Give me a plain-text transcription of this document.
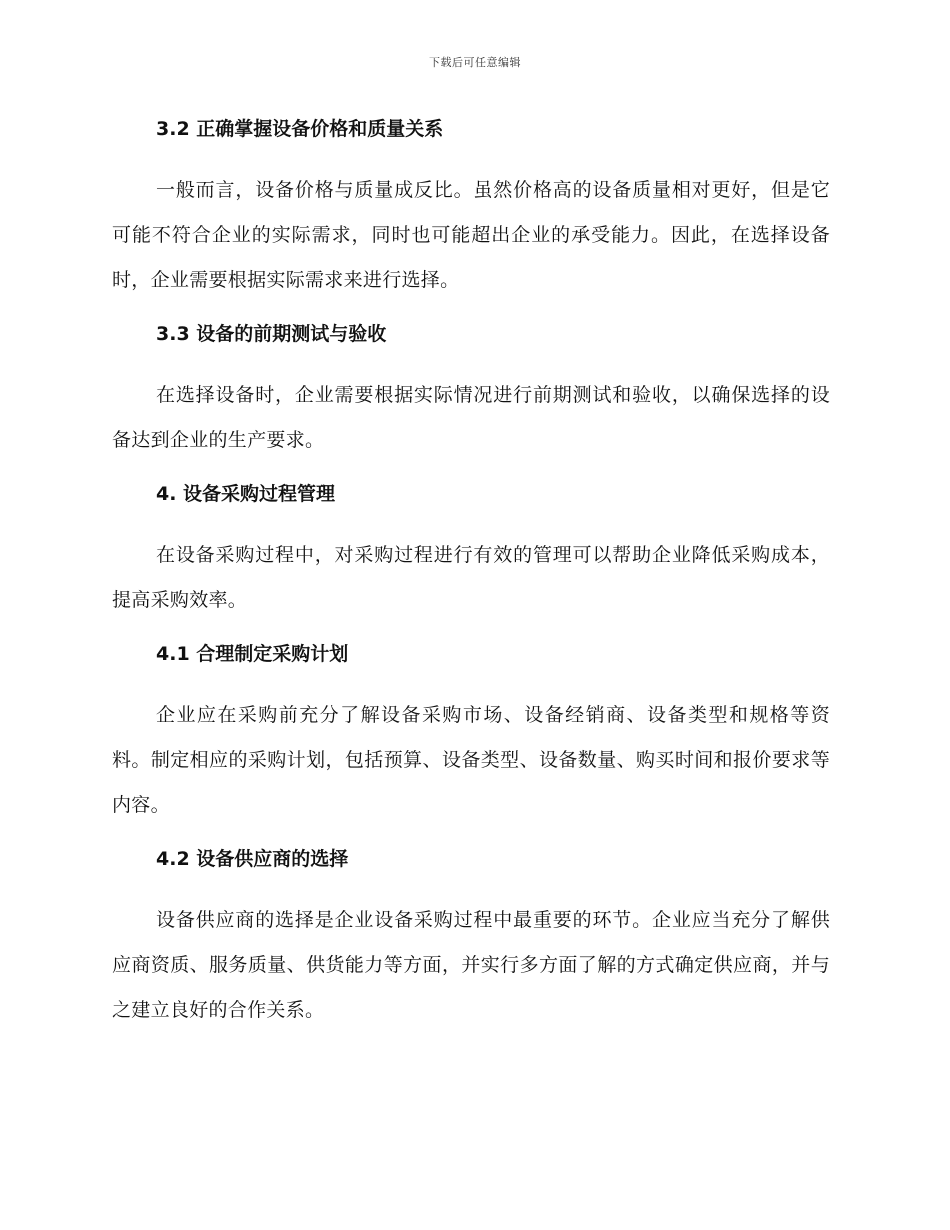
下载后可任意编辑
3.2 正确掌握设备价格和质量关系

一般而言，设备价格与质量成反比。虽然价格高的设备质量相对更好，但是它可能不符合企业的实际需求，同时也可能超出企业的承受能力。因此，在选择设备时，企业需要根据实际需求来进行选择。

3.3 设备的前期测试与验收

在选择设备时，企业需要根据实际情况进行前期测试和验收，以确保选择的设备达到企业的生产要求。

4. 设备采购过程管理

在设备采购过程中，对采购过程进行有效的管理可以帮助企业降低采购成本，提高采购效率。

4.1 合理制定采购计划

企业应在采购前充分了解设备采购市场、设备经销商、设备类型和规格等资料。制定相应的采购计划，包括预算、设备类型、设备数量、购买时间和报价要求等内容。

4.2 设备供应商的选择

设备供应商的选择是企业设备采购过程中最重要的环节。企业应当充分了解供应商资质、服务质量、供货能力等方面，并实行多方面了解的方式确定供应商，并与之建立良好的合作关系。
